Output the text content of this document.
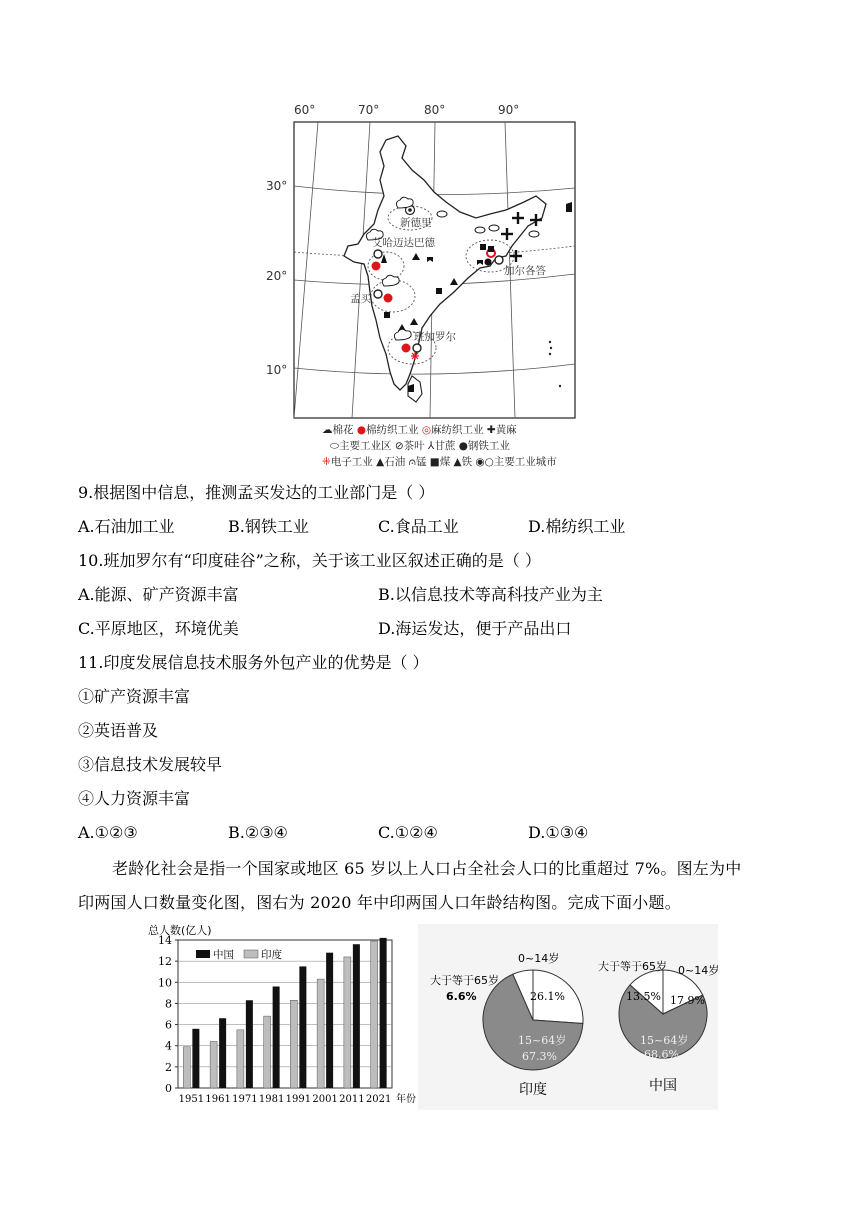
60°	70°	80°	90°
30°
20°
10°
新德里
艾哈迈达巴德
加尔各答
孟买
班加罗尔
☁棉花 ●棉纺织工业 ◎麻纺织工业 ✚黄麻
⬭主要工业区 ⊘茶叶 ⅄甘蔗 ●钢铁工业
⁜电子工业 ▲石油 ⩀锰 ■煤 ▲铁 ◉○主要工业城市
9.根据图中信息，推测孟买发达的工业部门是（ ）
A.石油加工业	B.钢铁工业	C.食品工业	D.棉纺织工业
10.班加罗尔有“印度硅谷”之称，关于该工业区叙述正确的是（ ）
A.能源、矿产资源丰富	B.以信息技术等高科技产业为主
C.平原地区，环境优美	D.海运发达，便于产品出口
11.印度发展信息技术服务外包产业的优势是（ ）
①矿产资源丰富
②英语普及
③信息技术发展较早
④人力资源丰富
A.①②③	B.②③④	C.①②④	D.①③④
老龄化社会是指一个国家或地区 65 岁以上人口占全社会人口的比重超过 7%。图左为中
印两国人口数量变化图，图右为 2020 年中印两国人口年龄结构图。完成下面小题。
0
2
4
6
8
10
12
14
总人数(亿人)
1951 1961 1971 1981 1991 2001 2011 2021 年份
中国	印度
印度	中国
0~14岁
26.1%
15~64岁
67.3%
大于等于65岁
6.6%
大于等于65岁 0~14岁
13.5% 17.9%
15~64岁
68.6%
